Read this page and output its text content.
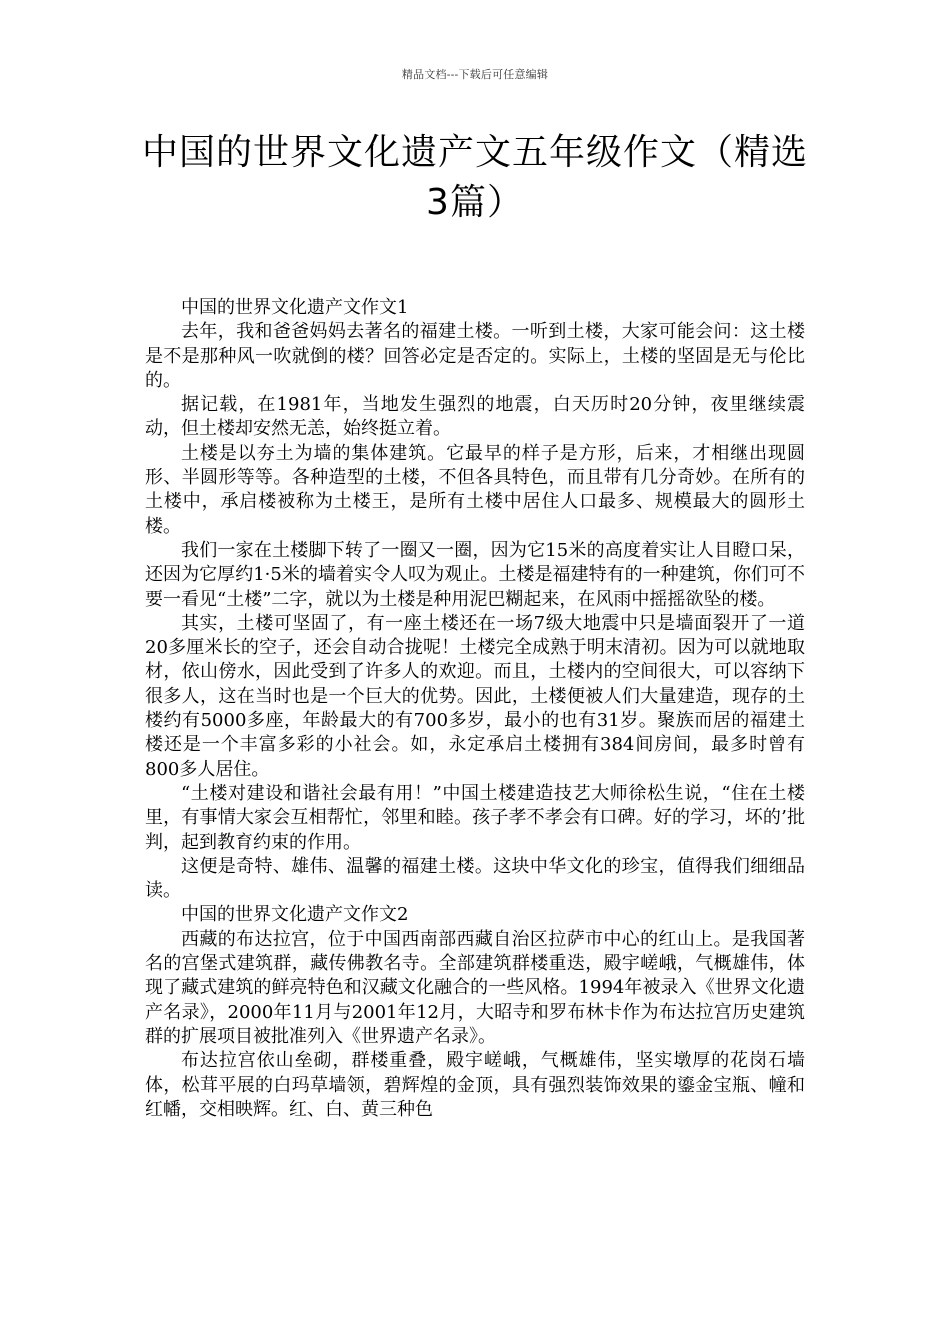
精品文档---下载后可任意编辑
中国的世界文化遗产文五年级作文（精选3篇）

中国的世界文化遗产文作文1

去年，我和爸爸妈妈去著名的福建土楼。一听到土楼，大家可能会问：这土楼是不是那种风一吹就倒的楼？回答必定是否定的。实际上，土楼的坚固是无与伦比的。

据记载，在1981年，当地发生强烈的地震，白天历时20分钟，夜里继续震动，但土楼却安然无恙，始终挺立着。

土楼是以夯土为墙的集体建筑。它最早的样子是方形，后来，才相继出现圆形、半圆形等等。各种造型的土楼，不但各具特色，而且带有几分奇妙。在所有的土楼中，承启楼被称为土楼王，是所有土楼中居住人口最多、规模最大的圆形土楼。

我们一家在土楼脚下转了一圈又一圈，因为它15米的高度着实让人目瞪口呆，还因为它厚约1·5米的墙着实令人叹为观止。土楼是福建特有的一种建筑，你们可不要一看见“土楼”二字，就以为土楼是种用泥巴糊起来，在风雨中摇摇欲坠的楼。

其实，土楼可坚固了，有一座土楼还在一场7级大地震中只是墙面裂开了一道20多厘米长的空子，还会自动合拢呢！土楼完全成熟于明末清初。因为可以就地取材，依山傍水，因此受到了许多人的欢迎。而且，土楼内的空间很大，可以容纳下很多人，这在当时也是一个巨大的优势。因此，土楼便被人们大量建造，现存的土楼约有5000多座，年龄最大的有700多岁，最小的也有31岁。聚族而居的福建土楼还是一个丰富多彩的小社会。如，永定承启土楼拥有384间房间，最多时曾有800多人居住。

“土楼对建设和谐社会最有用！”中国土楼建造技艺大师徐松生说，“住在土楼里，有事情大家会互相帮忙，邻里和睦。孩子孝不孝会有口碑。好的学习，坏的’批判，起到教育约束的作用。

这便是奇特、雄伟、温馨的福建土楼。这块中华文化的珍宝，值得我们细细品读。

中国的世界文化遗产文作文2

西藏的布达拉宫，位于中国西南部西藏自治区拉萨市中心的红山上。是我国著名的宫堡式建筑群，藏传佛教名寺。全部建筑群楼重迭，殿宇嵯峨，气概雄伟，体现了藏式建筑的鲜亮特色和汉藏文化融合的一些风格。1994年被录入《世界文化遗产名录》，2000年11月与2001年12月，大昭寺和罗布林卡作为布达拉宫历史建筑群的扩展项目被批准列入《世界遗产名录》。

布达拉宫依山垒砌，群楼重叠，殿宇嵯峨，气概雄伟，坚实墩厚的花岗石墙体，松茸平展的白玛草墙领，碧辉煌的金顶，具有强烈装饰效果的鎏金宝瓶、幢和红幡，交相映辉。红、白、黄三种色
